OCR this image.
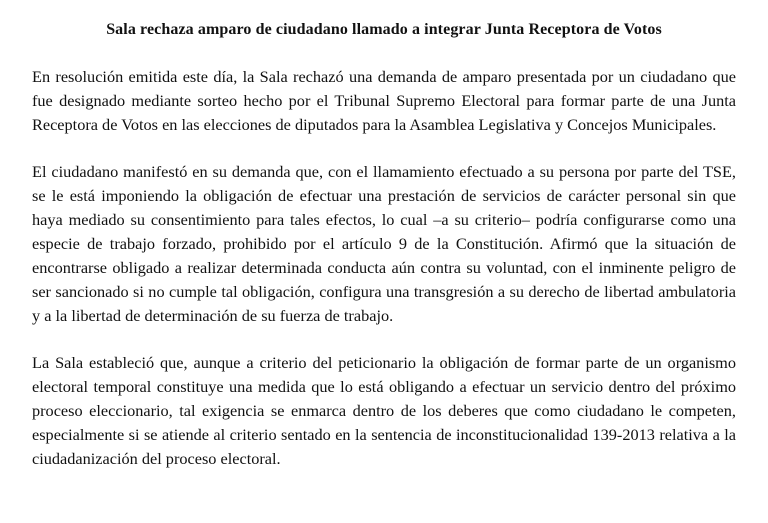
Sala rechaza amparo de ciudadano llamado a integrar Junta Receptora de Votos

En resolución emitida este día, la Sala rechazó una demanda de amparo presentada por un ciudadano que fue designado mediante sorteo hecho por el Tribunal Supremo Electoral para formar parte de una Junta Receptora de Votos en las elecciones de diputados para la Asamblea Legislativa y Concejos Municipales.

El ciudadano manifestó en su demanda que, con el llamamiento efectuado a su persona por parte del TSE, se le está imponiendo la obligación de efectuar una prestación de servicios de carácter personal sin que haya mediado su consentimiento para tales efectos, lo cual –a su criterio– podría configurarse como una especie de trabajo forzado, prohibido por el artículo 9 de la Constitución. Afirmó que la situación de encontrarse obligado a realizar determinada conducta aún contra su voluntad, con el inminente peligro de ser sancionado si no cumple tal obligación, configura una transgresión a su derecho de libertad ambulatoria y a la libertad de determinación de su fuerza de trabajo.

La Sala estableció que, aunque a criterio del peticionario la obligación de formar parte de un organismo electoral temporal constituye una medida que lo está obligando a efectuar un servicio dentro del próximo proceso eleccionario, tal exigencia se enmarca dentro de los deberes que como ciudadano le competen, especialmente si se atiende al criterio sentado en la sentencia de inconstitucionalidad 139-2013 relativa a la ciudadanización del proceso electoral.
